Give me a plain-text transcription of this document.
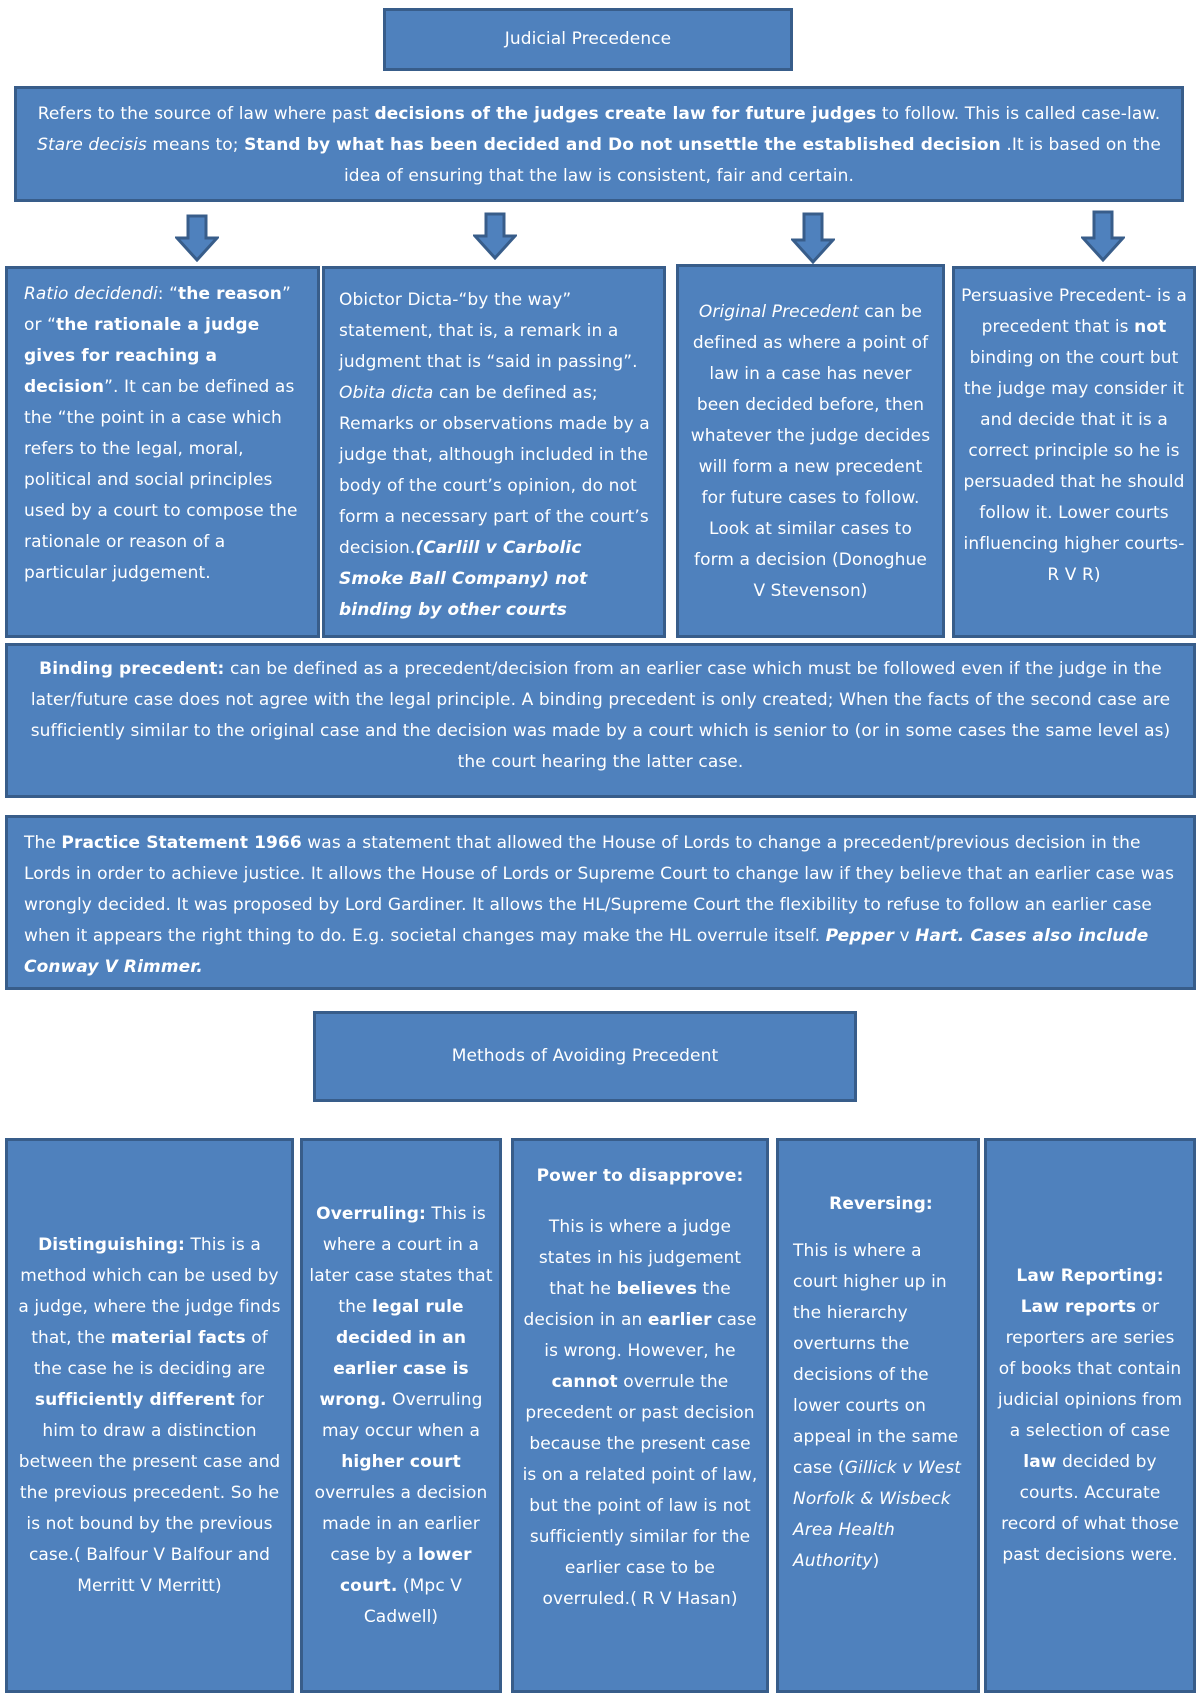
Judicial Precedence
Refers to the source of law where past decisions of the judges create law for future judges to follow. This is called case-law. Stare decisis means to; Stand by what has been decided and Do not unsettle the established decision .It is based on the idea of ensuring that the law is consistent, fair and certain.
Ratio decidendi: “the reason” or “the rationale a judge gives for reaching a decision”. It can be defined as the “the point in a case which refers to the legal, moral, political and social principles used by a court to compose the rationale or reason of a particular judgement.
Obictor Dicta-“by the way” statement, that is, a remark in a judgment that is “said in passing”. Obita dicta can be defined as; Remarks or observations made by a judge that, although included in the body of the court’s opinion, do not form a necessary part of the court’s decision.(Carlill v Carbolic Smoke Ball Company) not binding by other courts
Original Precedent can be defined as where a point of law in a case has never been decided before, then whatever the judge decides will form a new precedent for future cases to follow. Look at similar cases to form a decision (Donoghue V Stevenson)
Persuasive Precedent- is a precedent that is not binding on the court but the judge may consider it and decide that it is a correct principle so he is persuaded that he should follow it. Lower courts influencing higher courts- R V R)
Binding precedent: can be defined as a precedent/decision from an earlier case which must be followed even if the judge in the later/future case does not agree with the legal principle. A binding precedent is only created; When the facts of the second case are sufficiently similar to the original case and the decision was made by a court which is senior to (or in some cases the same level as) the court hearing the latter case.
The Practice Statement 1966 was a statement that allowed the House of Lords to change a precedent/previous decision in the Lords in order to achieve justice. It allows the House of Lords or Supreme Court to change law if they believe that an earlier case was wrongly decided. It was proposed by Lord Gardiner. It allows the HL/Supreme Court the flexibility to refuse to follow an earlier case when it appears the right thing to do. E.g. societal changes may make the HL overrule itself. Pepper v Hart. Cases also include Conway V Rimmer.
Methods of Avoiding Precedent

Distinguishing: This is a method which can be used by a judge, where the judge finds that, the material facts of the case he is deciding are sufficiently different for him to draw a distinction between the present case and the previous precedent. So he is not bound by the previous case.( Balfour V Balfour and Merritt V Merritt)

Overruling: This is where a court in a later case states that the legal rule decided in an earlier case is wrong. Overruling may occur when a higher court overrules a decision made in an earlier case by a lower court. (Mpc V Cadwell)

Power to disapprove:

This is where a judge states in his judgement that he believes the decision in an earlier case is wrong. However, he cannot overrule the precedent or past decision because the present case is on a related point of law, but the point of law is not sufficiently similar for the earlier case to be overruled.( R V Hasan)

Reversing:

This is where a court higher up in the hierarchy overturns the decisions of the lower courts on appeal in the same case (Gillick v West Norfolk & Wisbeck Area Health Authority)

Law Reporting:
Law reports or reporters are series of books that contain judicial opinions from a selection of case law decided by courts. Accurate record of what those past decisions were.
